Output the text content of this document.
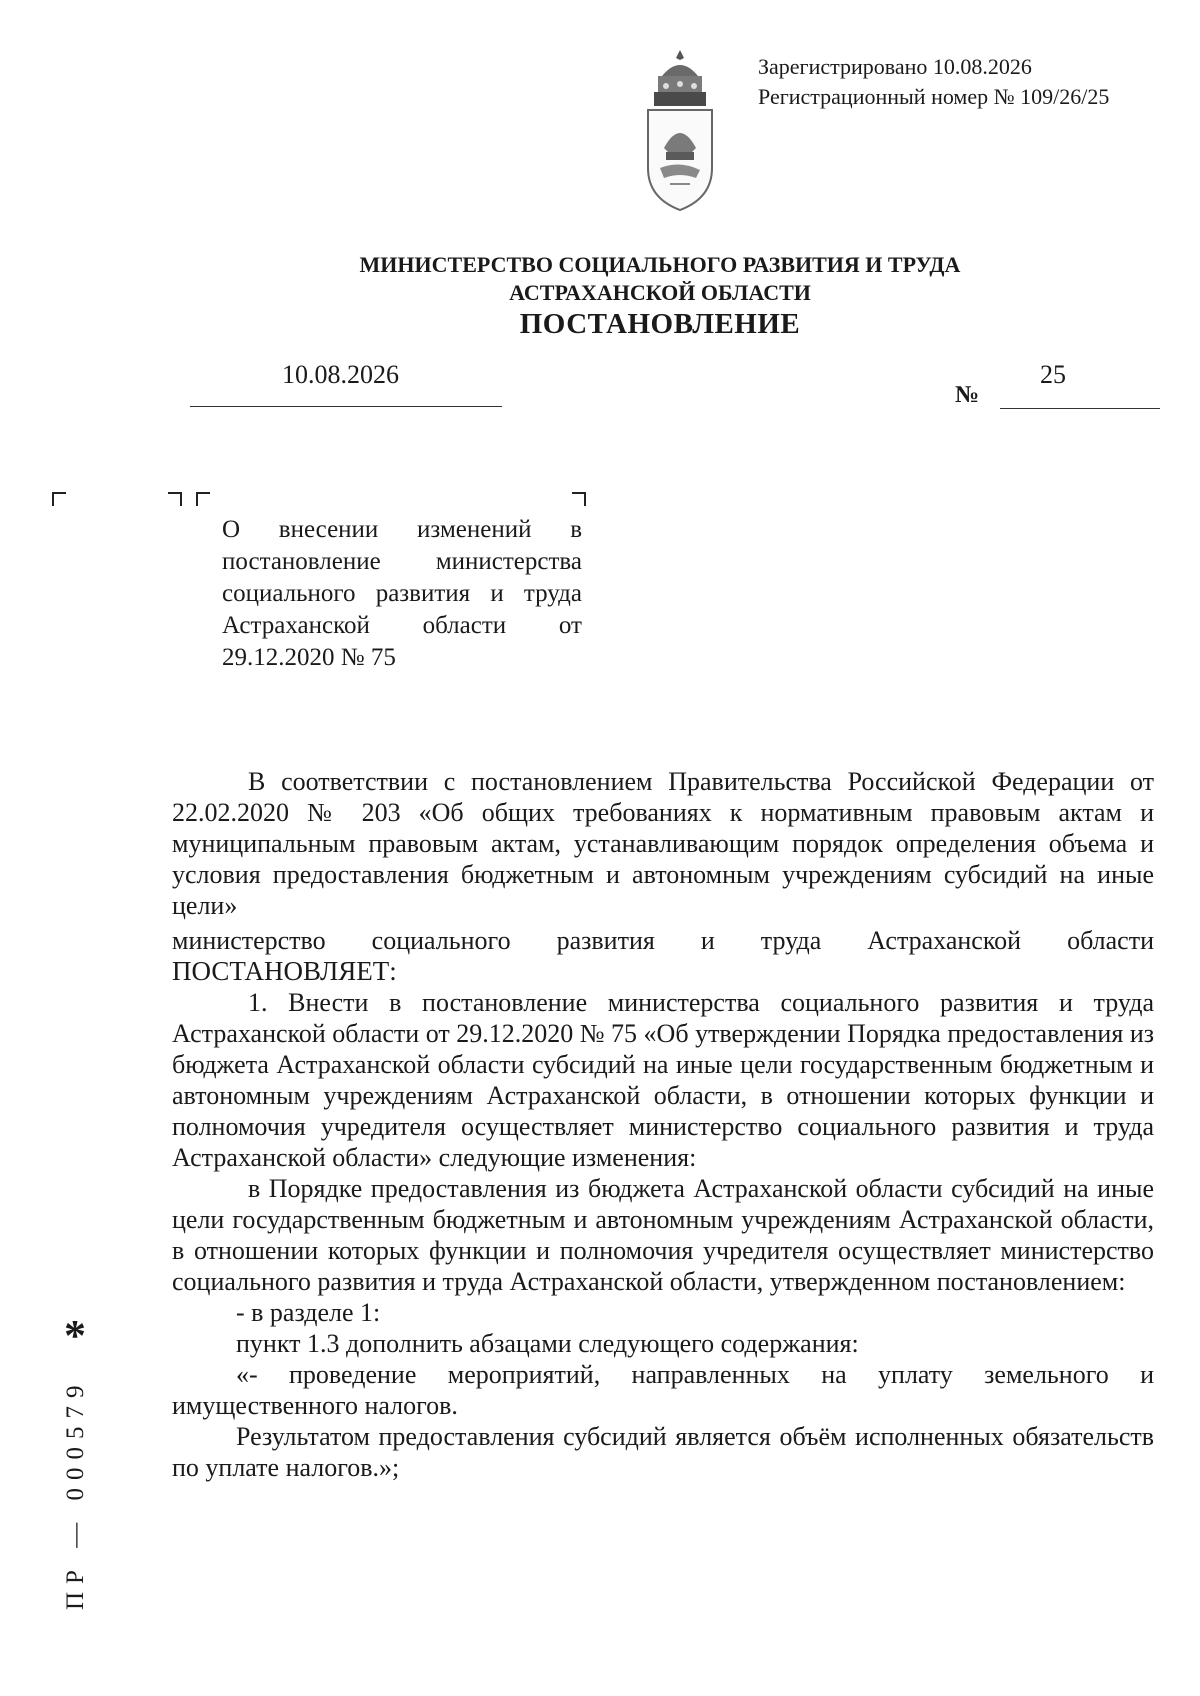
Зарегистрировано 10.08.2026
Регистрационный номер № 109/26/25
МИНИСТЕРСТВО СОЦИАЛЬНОГО РАЗВИТИЯ И ТРУДА
АСТРАХАНСКОЙ ОБЛАСТИ
ПОСТАНОВЛЕНИЕ
10.08.2026
№
25
О внесении изменений в постановление министерства социального развития и труда Астраханской области от 29.12.2020 № 75

В соответствии с постановлением Правительства Российской Федерации от 22.02.2020 № 203 «Об общих требованиях к нормативным правовым актам и муниципальным правовым актам, устанавливающим порядок определения объема и условия предоставления бюджетным и автономным учреждениям субсидий на иные цели»

министерство социального развития и труда Астраханской области

ПОСТАНОВЛЯЕТ:

1. Внести в постановление министерства социального развития и труда Астраханской области от 29.12.2020 № 75 «Об утверждении Порядка предоставления из бюджета Астраханской области субсидий на иные цели государственным бюджетным и автономным учреждениям Астраханской области, в отношении которых функции и полномочия учредителя осуществляет министерство социального развития и труда Астраханской области» следующие изменения:

в Порядке предоставления из бюджета Астраханской области субсидий на иные цели государственным бюджетным и автономным учреждениям Астраханской области, в отношении которых функции и полномочия учредителя осуществляет министерство социального развития и труда Астраханской области, утвержденном постановлением:

- в разделе 1:

пункт 1.3 дополнить абзацами следующего содержания:

«- проведение мероприятий, направленных на уплату земельного и имущественного налогов.

Результатом предоставления субсидий является объём исполненных обязательств по уплате налогов.»;

*
ПР — 000579
